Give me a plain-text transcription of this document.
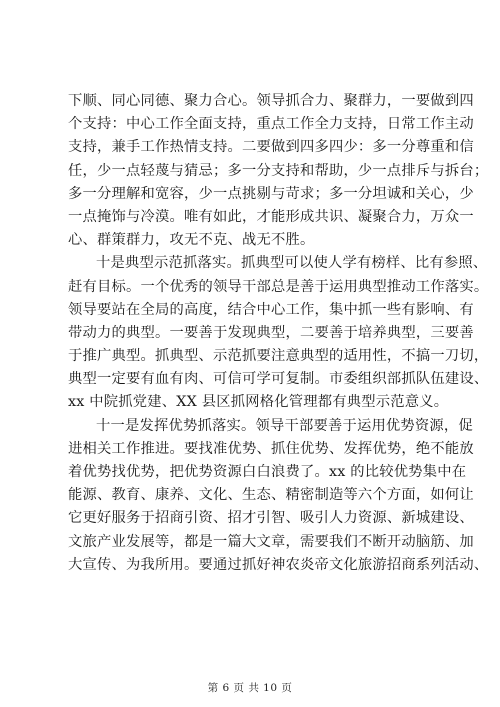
下顺、同心同德、聚力合心。领导抓合力、聚群力，一要做到四
个支持：中心工作全面支持，重点工作全力支持，日常工作主动
支持，兼手工作热情支持。二要做到四多四少：多一分尊重和信
任，少一点轻蔑与猜忌；多一分支持和帮助，少一点排斥与拆台；
多一分理解和宽容，少一点挑剔与苛求；多一分坦诚和关心，少
一点掩饰与冷漠。唯有如此，才能形成共识、凝聚合力，万众一
心、群策群力，攻无不克、战无不胜。
十是典型示范抓落实。抓典型可以使人学有榜样、比有参照、
赶有目标。一个优秀的领导干部总是善于运用典型推动工作落实。
领导要站在全局的高度，结合中心工作，集中抓一些有影响、有
带动力的典型。一要善于发现典型，二要善于培养典型，三要善
于推广典型。抓典型、示范抓要注意典型的适用性，不搞一刀切，
典型一定要有血有肉、可信可学可复制。市委组织部抓队伍建设、
xx 中院抓党建、XX 县区抓网格化管理都有典型示范意义。
十一是发挥优势抓落实。领导干部要善于运用优势资源，促
进相关工作推进。要找准优势、抓住优势、发挥优势，绝不能放
着优势找优势，把优势资源白白浪费了。xx 的比较优势集中在
能源、教育、康养、文化、生态、精密制造等六个方面，如何让
它更好服务于招商引资、招才引智、吸引人力资源、新城建设、
文旅产业发展等，都是一篇大文章，需要我们不断开动脑筋、加
大宣传、为我所用。要通过抓好神农炎帝文化旅游招商系列活动、
第 6 页 共 10 页
